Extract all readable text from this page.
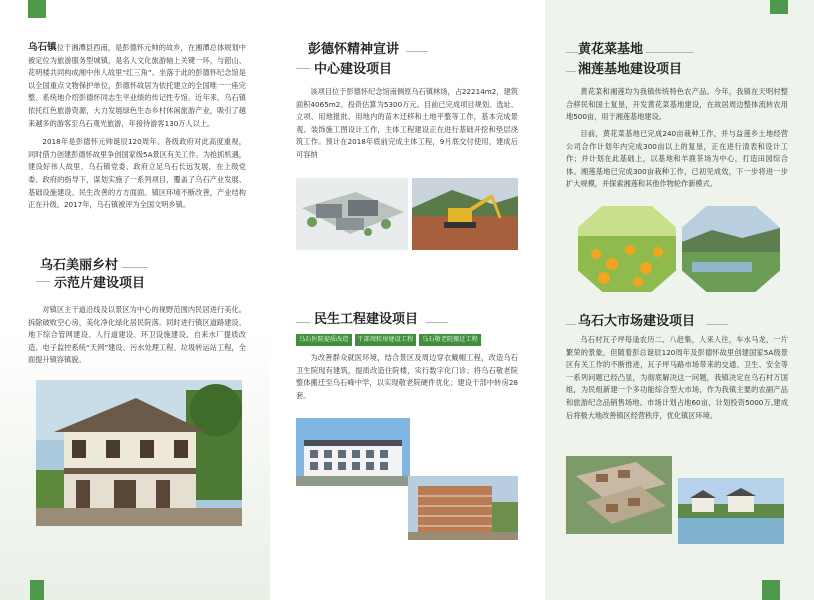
乌石镇位于湘潭县西南，是彭德怀元帅的故乡，在湘潭总体规划中被定位为旅游服务型城镇，是名人文化旅游轴上关键一环，与韶山、花明楼共同构成湘中伟人故里“红三角”。坐落于此的彭德怀纪念馆是以全国重点文物保护单位，彭德怀故居为依托建立的全国唯一一座完整、系统地介绍彭德怀同志生平业绩的传记性专馆。近年来，乌石镇依托红色旅游资源，大力发展绿色生态乡村休闲旅游产业，吸引了越来越多的游客至乌石观光旅游，年接待游客130万人以上。

2018年是彭德怀元帅诞辰120周年。各级政府对此高度重视，同时借力创建彭德怀故里争创国家级5A景区有关工作。为抢抓机遇，建设好伟人故里，乌石镇党委、政府立足乌石长远发展，在上级党委、政府的指导下，谋划实施了一系列项目，覆盖了乌石产业发展、基础设施建设、民生改善的方方面面。镇区环境不断改善，产业结构正在升级。2017年，乌石镇被评为全国文明乡镇。

乌石美丽乡村
示范片建设项目

对镇区主干道沿线及以景区为中心的视野范围内民居进行美化。拆除破败空心房，美化净化绿化居民院落。同时进行镇区道路建设、地下综合管网建设、人行道建设、环卫设施建设、自来水厂提质改造、电子监控系统“天网”建设、污水处理工程、垃圾转运站工程，全面提升镇容镇貌。

彭德怀精神宣讲
中心建设项目

该项目位于彭德怀纪念馆南侧原乌石镇林场，占22214m2，建筑面积4065m2。投资估算为5300万元。目前已完成项目规划、选址、立项、用地报批、用地内的苗木迁移和土地平整等工作，基本完成景观、装饰施工图设计工作，主体工程建设正在进行基础开挖和垫层浇筑工作。预计在2018年底前完成主体工程，9月底交付使用，建成后可容纳

民生工程建设项目
乌石医院提质改造	干部周转房建设工程	乌石敬老院搬迁工程

为改善群众就医环境，结合景区及周边穿衣戴帽工程，改造乌石卫生院现有建筑，提质改造住院楼，实行数字化门诊；将乌石敬老院整体搬迁至乌石峰中学，以实现敬老院硬件优化；建设干部中转房28套。

黄花菜基地
湘莲基地建设项目

黄花菜和湘莲均为我镇传统特色农产品。今年，我镇在天明村整合移民和国土复垦，开发黄花菜基地建设，在故居周边整体流转农用地500亩，用于湘莲基地建设。

目前，黄花菜基地已完成240亩栽种工作，并与益莲乡土地经营公司合作计划年内完成300亩以上的复垦，正在进行清表和设计工作；并计划在此基础上，以基地和羊鹿茶场为中心，打造田园综合体。湘莲基地已完成300亩栽种工作，已初见成效，下一步将进一步扩大规模，并探索湘莲和其他作物轮作新模式。

乌石大市场建设项目

乌石村瓦子坪每逢农历二、八赶集，人来人往，车水马龙，一片繁荣的景象，但随着彭总诞辰120周年及彭德怀故里创建国家5A级景区有关工作的不断推进，瓦子坪马路市场带来的交通、卫生、安全等一系列问题已经凸显，为彻底解决这一问题，我镇决定在乌石村万国组，为民组新建一个多功能综合型大市场，作为我镇主要的农副产品和旅游纪念品销售场地。市场计划占地60亩，计划投资5000万,建成后将极大地改善镇区经营秩序，优化镇区环境。
